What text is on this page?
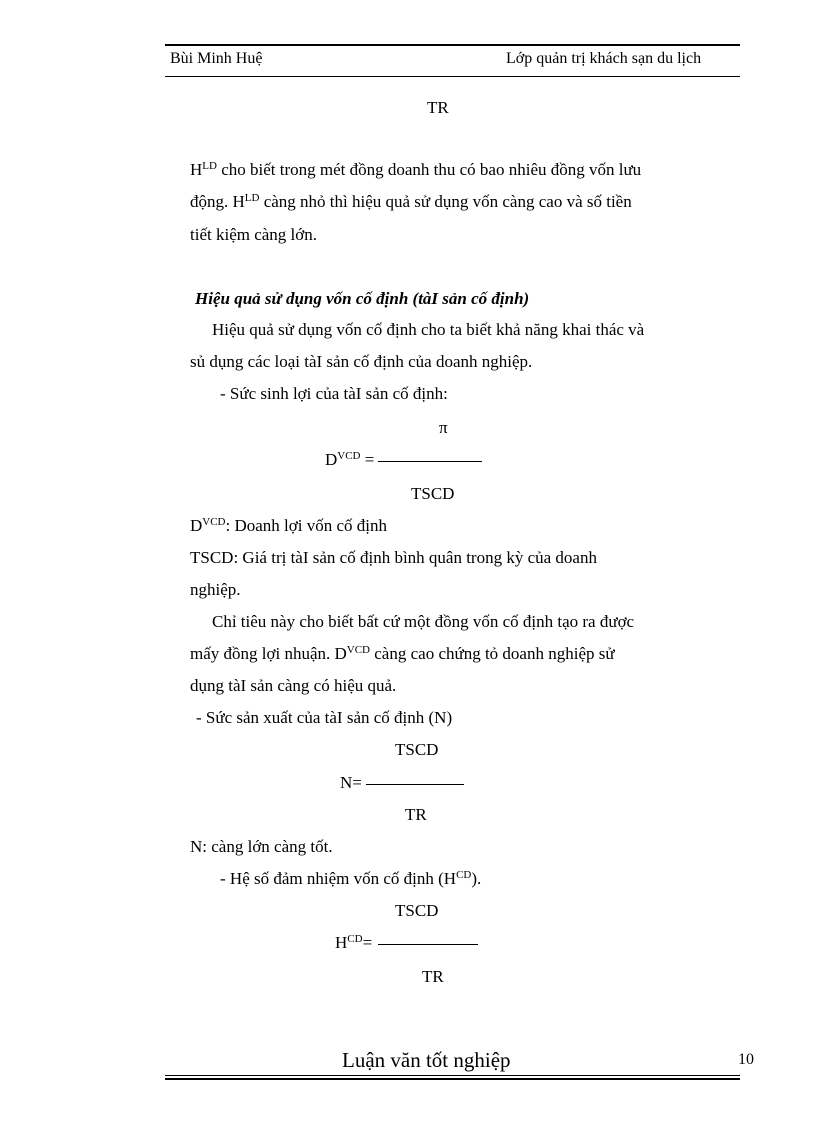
Bùi Minh Huệ	Lớp quản trị khách sạn du lịch
TR
$H^{LD}$ cho biết trong mét đồng doanh thu có bao nhiêu đồng vốn lưu
động. $H^{LD}$ càng nhỏ thì hiệu quả sử dụng vốn càng cao và số tiền
tiết kiệm càng lớn.
Hiệu quả sử dụng vốn cố định (tàI sản cố định)
Hiệu quả sử dụng vốn cố định cho ta biết khả năng khai thác và
sủ dụng các loại tàI sản cố định của doanh nghiệp.
- Sức sinh lợi của tàI sản cố định:
π
$D^{VCD}$ =
TSCD
$D^{VCD}$: Doanh lợi vốn cố định
TSCD: Giá trị tàI sản cố định bình quân trong kỳ của doanh
nghiệp.
Chỉ tiêu này cho biết bất cứ một đồng vốn cố định tạo ra được
mấy đồng lợi nhuận. $D^{VCD}$ càng cao chứng tỏ doanh nghiệp sử
dụng tàI sản càng có hiệu quả.
- Sức sản xuất của tàI sản cố định (N)
TSCD
N=
TR
N: càng lớn càng tốt.
- Hệ số đảm nhiệm vốn cố định $(H^{CD})$.
TSCD
$H^{CD}=$
TR
Luận văn tốt nghiệp	10
